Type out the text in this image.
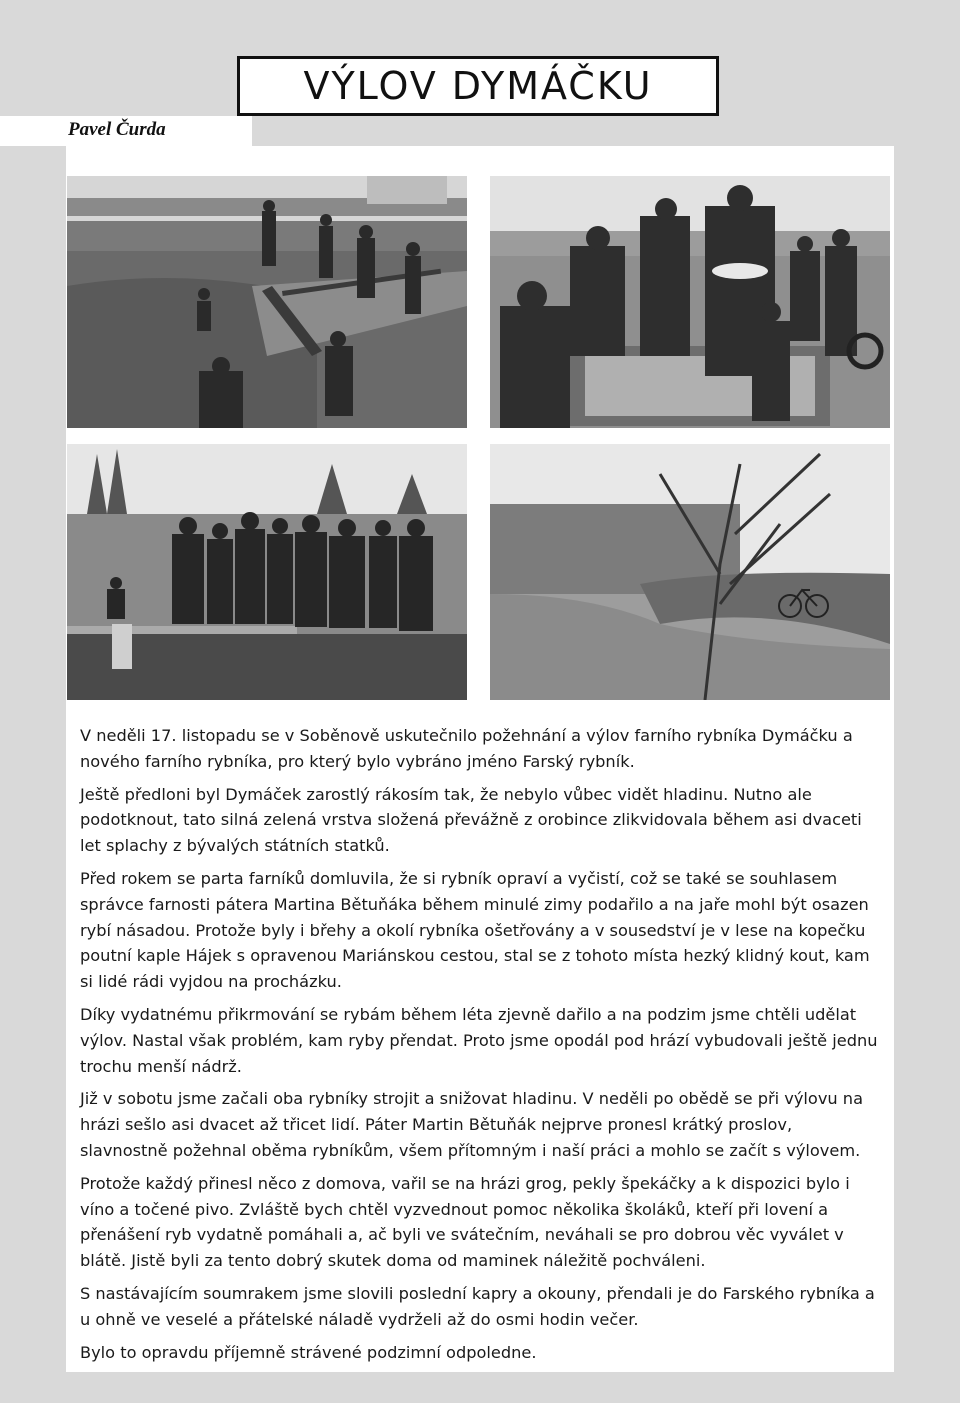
VÝLOV DYMÁČKU
Pavel Čurda

V neděli 17. listopadu se v Soběnově uskutečnilo požehnání a výlov farního rybníka Dymáčku a nového farního rybníka, pro který bylo vybráno jméno Farský rybník.

Ještě předloni byl Dymáček zarostlý rákosím tak, že nebylo vůbec vidět hladinu. Nutno ale podotknout, tato silná zelená vrstva složená převážně z orobince zlikvidovala během asi dvaceti let splachy z bývalých státních statků.

Před rokem se parta farníků domluvila, že si rybník opraví a vyčistí, což se také se souhlasem správce farnosti pátera Martina Bětuňáka během minulé zimy podařilo a na jaře mohl být osazen rybí násadou. Protože byly i břehy a okolí rybníka ošetřovány a v sousedství je v lese na kopečku poutní kaple Hájek s opravenou Mariánskou cestou, stal se z tohoto místa hezký klidný kout, kam si lidé rádi vyjdou na procházku.

Díky vydatnému přikrmování se rybám během léta zjevně dařilo a na podzim jsme chtěli udělat výlov. Nastal však problém, kam ryby přendat. Proto jsme opodál pod hrází vybudovali ještě jednu trochu menší nádrž.

Již v sobotu jsme začali oba rybníky strojit a snižovat hladinu. V neděli po obědě se při výlovu na hrázi sešlo asi dvacet až třicet lidí. Páter Martin Bětuňák nejprve pronesl krátký proslov, slavnostně požehnal oběma rybníkům, všem přítomným i naší práci a mohlo se začít s výlovem.

Protože každý přinesl něco z domova, vařil se na hrázi grog, pekly špekáčky a k dispozici bylo i víno a točené pivo. Zvláště bych chtěl vyzvednout pomoc několika školáků, kteří při lovení a přenášení ryb vydatně pomáhali a, ač byli ve svátečním, neváhali se pro dobrou věc vyválet v blátě. Jistě byli za tento dobrý skutek doma od maminek náležitě pochváleni.

S nastávajícím soumrakem jsme slovili poslední kapry a okouny, přendali je do Farského rybníka a u ohně ve veselé a přátelské náladě vydrželi až do osmi hodin večer.

Bylo to opravdu příjemně strávené podzimní odpoledne.
